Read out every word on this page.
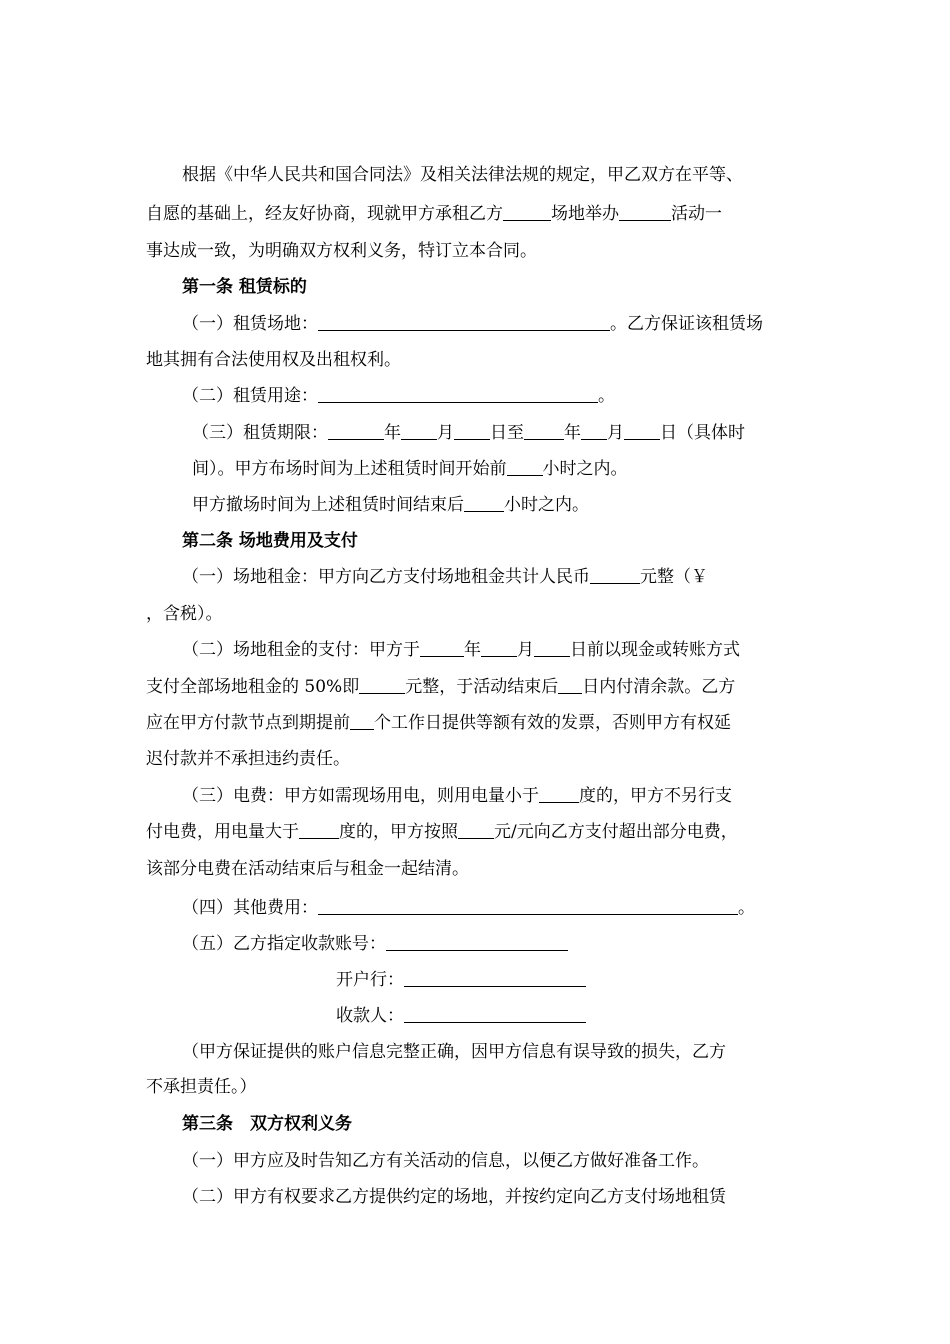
根据《中华人民共和国合同法》及相关法律法规的规定，甲乙双方在平等、
自愿的基础上，经友好协商，现就甲方承租乙方	场地举办	活动一
事达成一致，为明确双方权利义务，特订立本合同。
第一条 租赁标的
（一）租赁场地：	。乙方保证该租赁场
地其拥有合法使用权及出租权利。
（二）租赁用途：	。
（三）租赁期限：	年 月 日至 年 月 日（具体时
间）。甲方布场时间为上述租赁时间开始前 小时之内。
甲方撤场时间为上述租赁时间结束后 小时之内。
第二条 场地费用及支付
（一）场地租金：甲方向乙方支付场地租金共计人民币	元整（￥
，含税）。
（二）场地租金的支付：甲方于	年 月 日前以现金或转账方式
支付全部场地租金的 50%即	元整，于活动结束后 日内付清余款。乙方
应在甲方付款节点到期提前 个工作日提供等额有效的发票，否则甲方有权延
迟付款并不承担违约责任。
（三）电费：甲方如需现场用电，则用电量小于 度的，甲方不另行支
付电费，用电量大于 度的，甲方按照 元/元向乙方支付超出部分电费，
该部分电费在活动结束后与租金一起结清。
（四）其他费用：	。
（五）乙方指定收款账号：
开户行：
收款人：
（甲方保证提供的账户信息完整正确，因甲方信息有误导致的损失，乙方
不承担责任。）
第三条　双方权利义务
（一）甲方应及时告知乙方有关活动的信息，以便乙方做好准备工作。
（二）甲方有权要求乙方提供约定的场地，并按约定向乙方支付场地租赁
